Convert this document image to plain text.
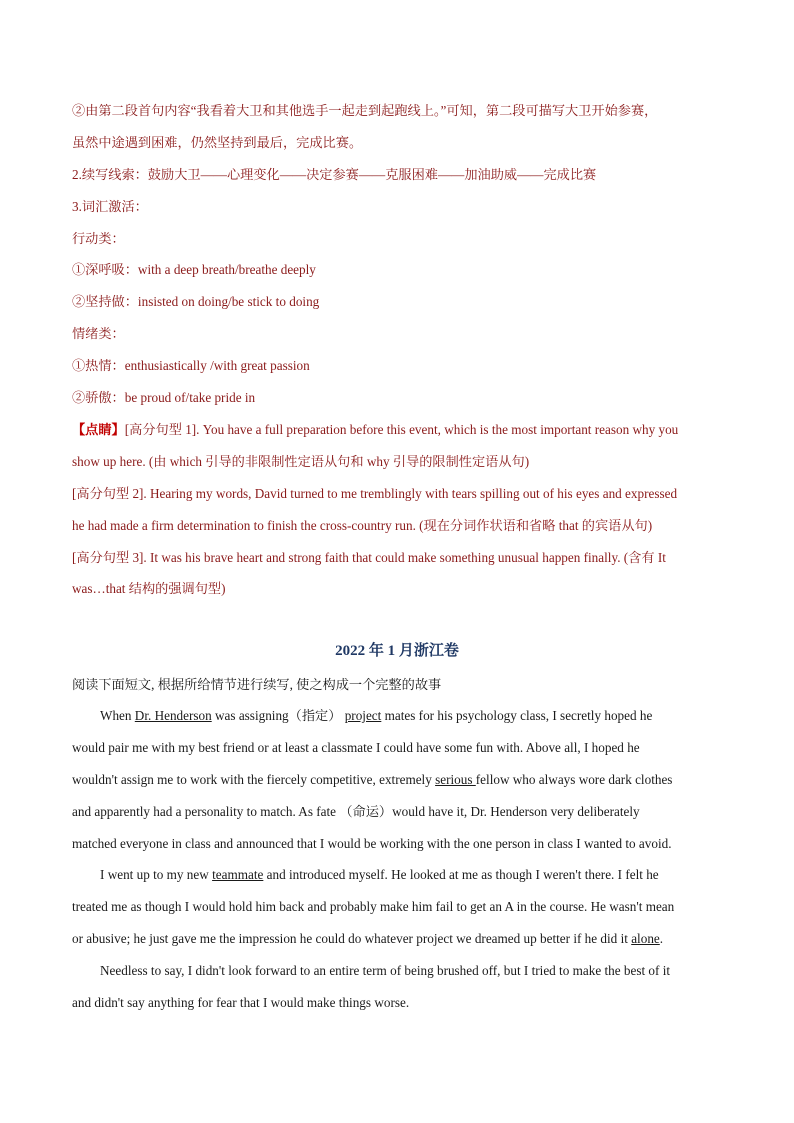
②由第二段首句内容“我看着大卫和其他选手一起走到起跑线上。”可知，第二段可描写大卫开始参赛，
虽然中途遇到困难，仍然坚持到最后，完成比赛。
2.续写线索：鼓励大卫——心理变化——决定参赛——克服困难——加油助威——完成比赛
3.词汇激活：
行动类：
①深呼吸：with a deep breath/breathe deeply
②坚持做：insisted on doing/be stick to doing
情绪类：
①热情：enthusiastically /with great passion
②骄傲：be proud of/take pride in
【点睛】[高分句型 1]. You have a full preparation before this event, which is the most important reason why you
show up here. (由 which 引导的非限制性定语从句和 why 引导的限制性定语从句)
[高分句型 2]. Hearing my words, David turned to me tremblingly with tears spilling out of his eyes and expressed
he had made a firm determination to finish the cross-country run. (现在分词作状语和省略 that 的宾语从句)
[高分句型 3]. It was his brave heart and strong faith that could make something unusual happen finally. (含有 It
was…that 结构的强调句型)
2022 年 1 月浙江卷
阅读下面短文, 根据所给情节进行续写, 使之构成一个完整的故事
When Dr. Henderson was assigning（指定） project mates for his psychology class, I secretly hoped he
would pair me with my best friend or at least a classmate I could have some fun with. Above all, I hoped he
wouldn't assign me to work with the fiercely competitive, extremely serious fellow who always wore dark clothes
and apparently had a personality to match. As fate （命运）would have it, Dr. Henderson very deliberately
matched everyone in class and announced that I would be working with the one person in class I wanted to avoid.
I went up to my new teammate and introduced myself. He looked at me as though I weren't there. I felt he
treated me as though I would hold him back and probably make him fail to get an A in the course. He wasn't mean
or abusive; he just gave me the impression he could do whatever project we dreamed up better if he did it alone.
Needless to say, I didn't look forward to an entire term of being brushed off, but I tried to make the best of it
and didn't say anything for fear that I would make things worse.
